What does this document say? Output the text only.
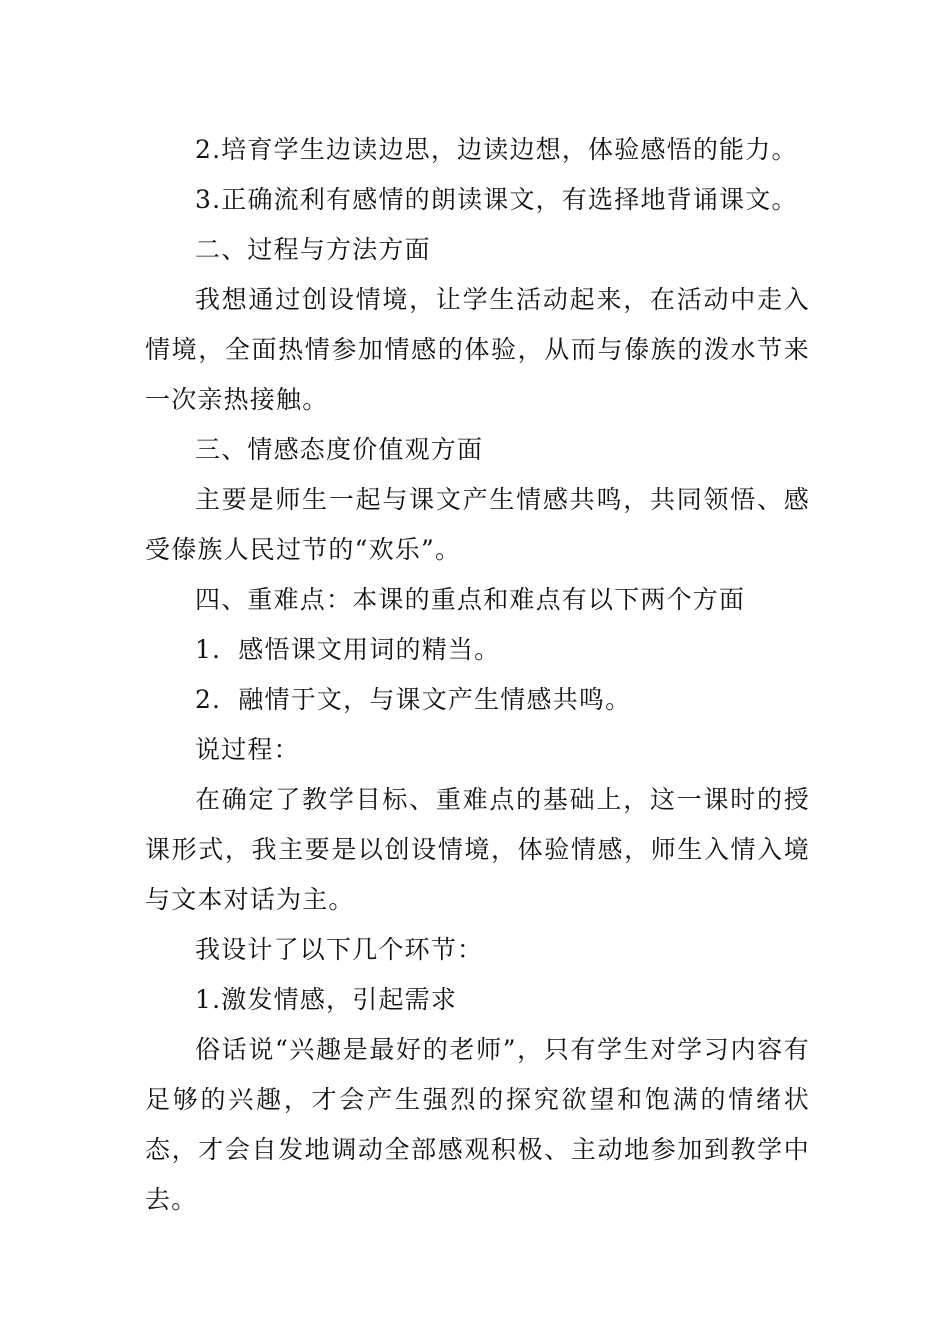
2.培育学生边读边思，边读边想，体验感悟的能力。

3.正确流利有感情的朗读课文，有选择地背诵课文。

二、过程与方法方面

我想通过创设情境，让学生活动起来，在活动中走入情境，全面热情参加情感的体验，从而与傣族的泼水节来一次亲热接触。

三、情感态度价值观方面

主要是师生一起与课文产生情感共鸣，共同领悟、感受傣族人民过节的“欢乐”。

四、重难点：本课的重点和难点有以下两个方面

1．感悟课文用词的精当。

2．融情于文，与课文产生情感共鸣。

说过程：

在确定了教学目标、重难点的基础上，这一课时的授课形式，我主要是以创设情境，体验情感，师生入情入境与文本对话为主。

我设计了以下几个环节：

1.激发情感，引起需求

俗话说“兴趣是最好的老师”，只有学生对学习内容有足够的兴趣，才会产生强烈的探究欲望和饱满的情绪状态，才会自发地调动全部感观积极、主动地参加到教学中去。
